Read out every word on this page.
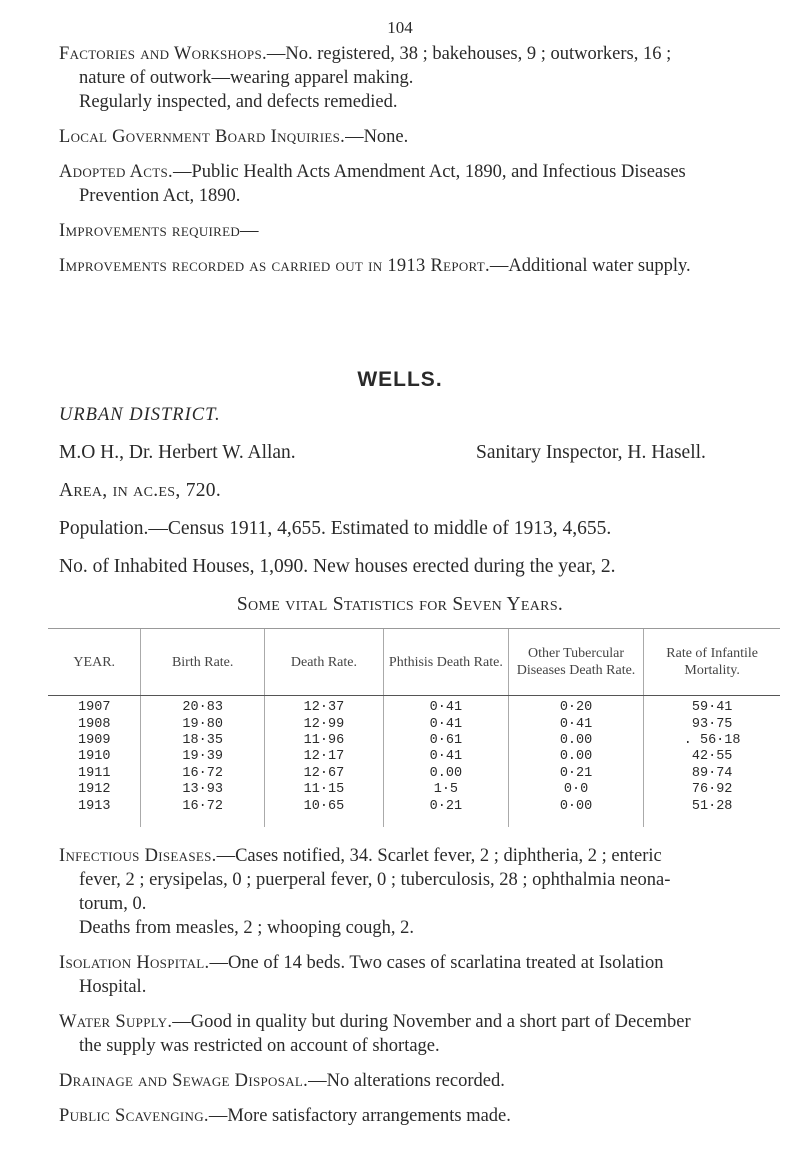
104
Factories and Workshops.—No. registered, 38 ; bakehouses, 9 ; outworkers, 16 ;
nature of outwork—wearing apparel making.
Regularly inspected, and defects remedied.
Local Government Board Inquiries.—None.
Adopted Acts.—Public Health Acts Amendment Act, 1890, and Infectious Diseases
Prevention Act, 1890.
Improvements required—
Improvements recorded as carried out in 1913 Report.—Additional water supply.
WELLS.
URBAN DISTRICT.
M.O H., Dr. Herbert W. Allan.	Sanitary Inspector, H. Hasell.
Area, in ac.es, 720.
Population.—Census 1911, 4,655. Estimated to middle of 1913, 4,655.
No. of Inhabited Houses, 1,090. New houses erected during the year, 2.
Some vital Statistics for Seven Years.
YEAR.	Birth Rate.	Death Rate.	Phthisis Death Rate.	Other Tubercular Diseases Death Rate.	Rate of Infantile Mortality.
1907	20·83	12·37	0·41	0·20	59·41
1908	19·80	12·99	0·41	0·41	93·75
1909	18·35	11·96	0·61	0.00	. 56·18
1910	19·39	12·17	0·41	0.00	42·55
1911	16·72	12·67	0.00	0·21	89·74
1912	13·93	11·15	1·5	0·0	76·92
1913	16·72	10·65	0·21	0·00	51·28
Infectious Diseases.—Cases notified, 34. Scarlet fever, 2 ; diphtheria, 2 ; enteric
fever, 2 ; erysipelas, 0 ; puerperal fever, 0 ; tuberculosis, 28 ; ophthalmia neona-
torum, 0.
Deaths from measles, 2 ; whooping cough, 2.
Isolation Hospital.—One of 14 beds. Two cases of scarlatina treated at Isolation
Hospital.
Water Supply.—Good in quality but during November and a short part of December
the supply was restricted on account of shortage.
Drainage and Sewage Disposal.—No alterations recorded.
Public Scavenging.—More satisfactory arrangements made.
